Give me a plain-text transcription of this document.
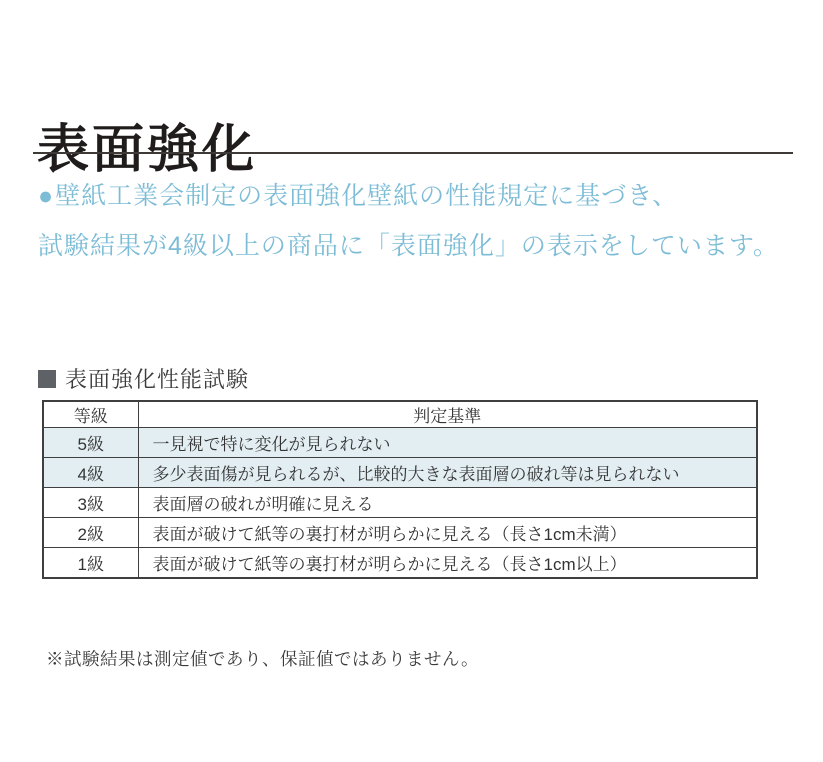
表面強化
●壁紙工業会制定の表面強化壁紙の性能規定に基づき、
試験結果が4級以上の商品に「表面強化」の表示をしています。
表面強化性能試験
等級	判定基準
5級	一見視で特に変化が見られない
4級	多少表面傷が見られるが、比較的大きな表面層の破れ等は見られない
3級	表面層の破れが明確に見える
2級	表面が破けて紙等の裏打材が明らかに見える（長さ1cm未満）
1級	表面が破けて紙等の裏打材が明らかに見える（長さ1cm以上）
※試験結果は測定値であり、保証値ではありません。
